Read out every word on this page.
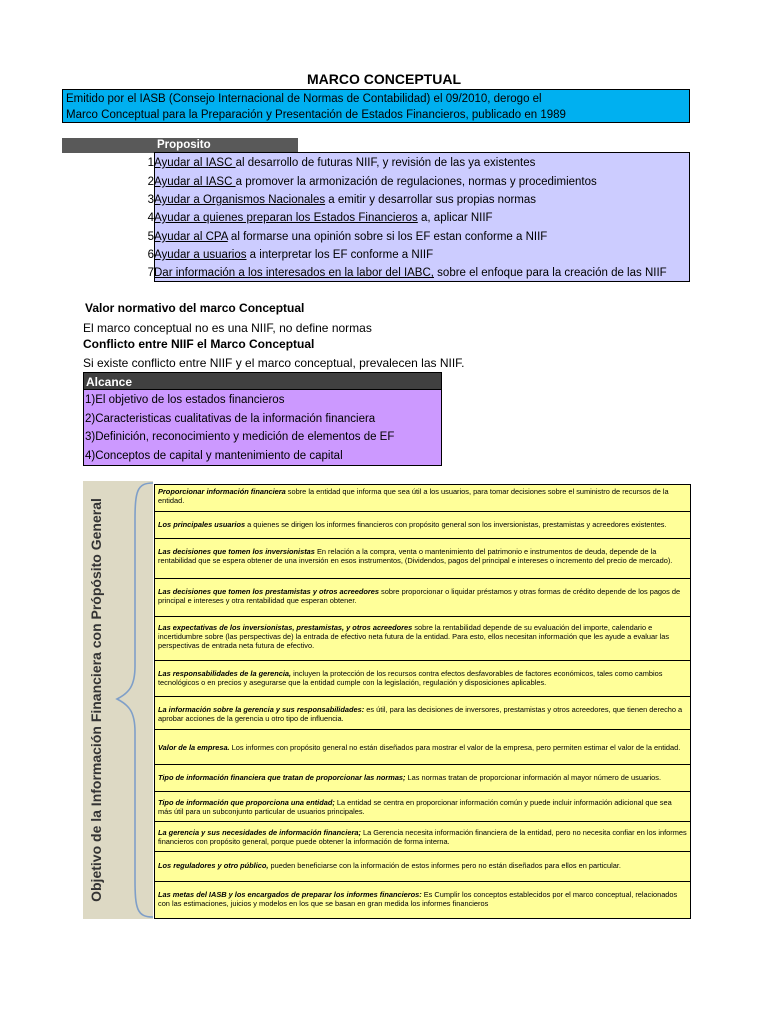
MARCO CONCEPTUAL
Emitido por el IASB (Consejo Internacional de Normas de Contabilidad) el 09/2010, derogo el
Marco Conceptual para la Preparación y Presentación de Estados Financieros, publicado en 1989
Proposito
1Ayudar al IASC al desarrollo de futuras NIIF, y revisión de las ya existentes
2Ayudar al IASC a promover la armonización de regulaciones, normas y procedimientos
3Ayudar a Organismos Nacionales a emitir y desarrollar sus propias normas
4Ayudar a quienes preparan los Estados Financieros a, aplicar NIIF
5Ayudar al CPA al formarse una opinión sobre si los EF estan conforme a NIIF
6Ayudar a usuarios a interpretar los EF conforme a NIIF
7Dar información a los interesados en la labor del IABC, sobre el enfoque para la creación de las NIIF
Valor normativo del marco Conceptual
El marco conceptual no es una NIIF, no define normas
Conflicto entre NIIF el Marco Conceptual
Si existe conflicto entre NIIF y el marco conceptual, prevalecen las NIIF.
Alcance
1)El objetivo de los estados financieros
2)Caracteristicas cualitativas de la información financiera
3)Definición, reconocimiento y medición de elementos de EF
4)Conceptos de capital y mantenimiento de capital
Objetivo de la Información Financiera con Própósito General
Proporcionar información financiera sobre la entidad que informa que sea útil a los usuarios, para tomar decisiones sobre el suministro de recursos de la entidad.
Los principales usuarios a quienes se dirigen los informes financieros con propósito general son los inversionistas, prestamistas y acreedores existentes.
Las decisiones que tomen los inversionistas En relación a la compra, venta o mantenimiento del patrimonio e instrumentos de deuda, depende de la rentabilidad que se espera obtener de una inversión en esos instrumentos, (Dividendos, pagos del principal e intereses o incremento del precio de mercado).
Las decisiones que tomen los prestamistas y otros acreedores sobre proporcionar o liquidar préstamos y otras formas de crédito depende de los pagos de principal e intereses y otra rentabilidad que esperan obtener.
Las expectativas de los inversionistas, prestamistas, y otros acreedores sobre la rentabilidad depende de su evaluación del importe, calendario e incertidumbre sobre (las perspectivas de) la entrada de efectivo neta futura de la entidad. Para esto, ellos necesitan información que les ayude a evaluar las perspectivas de entrada neta futura de efectivo.
Las responsabilidades de la gerencia, incluyen la protección de los recursos contra efectos desfavorables de factores económicos, tales como cambios tecnológicos o en precios y asegurarse que la entidad cumple con la legislación, regulación y disposiciones aplicables.
La información sobre la gerencia y sus responsabilidades: es útil, para las decisiones de inversores, prestamistas y otros acreedores, que tienen derecho a aprobar acciones de la gerencia u otro tipo de influencia.
Valor de la empresa. Los informes con propósito general no están diseñados para mostrar el valor de la empresa, pero permiten estimar el valor de la entidad.
Tipo de información financiera que tratan de proporcionar las normas; Las normas tratan de proporcionar información al mayor número de usuarios.
Tipo de información que proporciona una entidad; La entidad se centra en proporcionar información común y puede incluir información adicional que sea más útil para un subconjunto particular de usuarios principales.
La gerencia y sus necesidades de información financiera; La Gerencia necesita información financiera de la entidad, pero no necesita confiar en los informes financieros con propósito general, porque puede obtener la información de forma interna.
Los reguladores y otro público, pueden beneficiarse con la información de estos informes pero no están diseñados para ellos en particular.
Las metas del IASB y los encargados de preparar los informes financieros: Es Cumplir los conceptos establecidos por el marco conceptual, relacionados con las estimaciones, juicios y modelos en los que se basan en gran medida los informes financieros
